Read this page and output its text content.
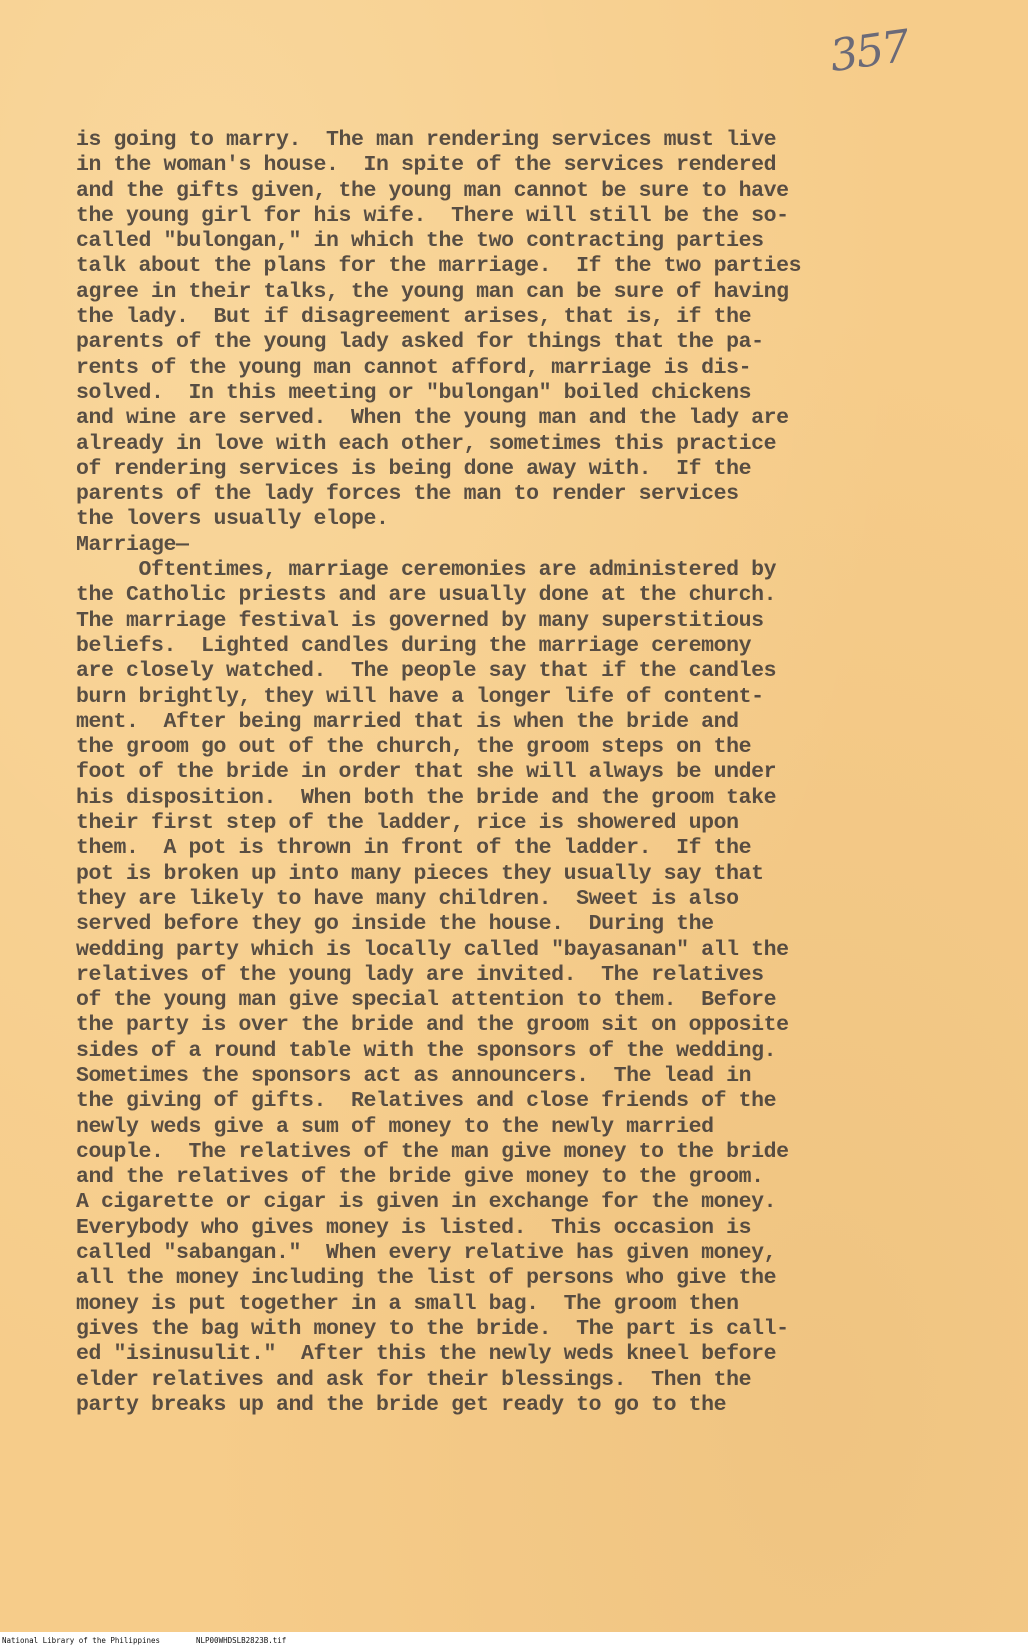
357
is going to marry.  The man rendering services must live
in the woman's house.  In spite of the services rendered
and the gifts given, the young man cannot be sure to have
the young girl for his wife.  There will still be the so-
called "bulongan," in which the two contracting parties
talk about the plans for the marriage.  If the two parties
agree in their talks, the young man can be sure of having
the lady.  But if disagreement arises, that is, if the
parents of the young lady asked for things that the pa-
rents of the young man cannot afford, marriage is dis-
solved.  In this meeting or "bulongan" boiled chickens
and wine are served.  When the young man and the lady are
already in love with each other, sometimes this practice
of rendering services is being done away with.  If the
parents of the lady forces the man to render services
the lovers usually elope.
Marriage—
Oftentimes, marriage ceremonies are administered by
the Catholic priests and are usually done at the church.
The marriage festival is governed by many superstitious
beliefs.  Lighted candles during the marriage ceremony
are closely watched.  The people say that if the candles
burn brightly, they will have a longer life of content-
ment.  After being married that is when the bride and
the groom go out of the church, the groom steps on the
foot of the bride in order that she will always be under
his disposition.  When both the bride and the groom take
their first step of the ladder, rice is showered upon
them.  A pot is thrown in front of the ladder.  If the
pot is broken up into many pieces they usually say that
they are likely to have many children.  Sweet is also
served before they go inside the house.  During the
wedding party which is locally called "bayasanan" all the
relatives of the young lady are invited.  The relatives
of the young man give special attention to them.  Before
the party is over the bride and the groom sit on opposite
sides of a round table with the sponsors of the wedding.
Sometimes the sponsors act as announcers.  The lead in
the giving of gifts.  Relatives and close friends of the
newly weds give a sum of money to the newly married
couple.  The relatives of the man give money to the bride
and the relatives of the bride give money to the groom.
A cigarette or cigar is given in exchange for the money.
Everybody who gives money is listed.  This occasion is
called "sabangan."  When every relative has given money,
all the money including the list of persons who give the
money is put together in a small bag.  The groom then
gives the bag with money to the bride.  The part is call-
ed "isinusulit."  After this the newly weds kneel before
elder relatives and ask for their blessings.  Then the
party breaks up and the bride get ready to go to the
National Library of the Philippines	NLP00WHDSLB2823B.tif
